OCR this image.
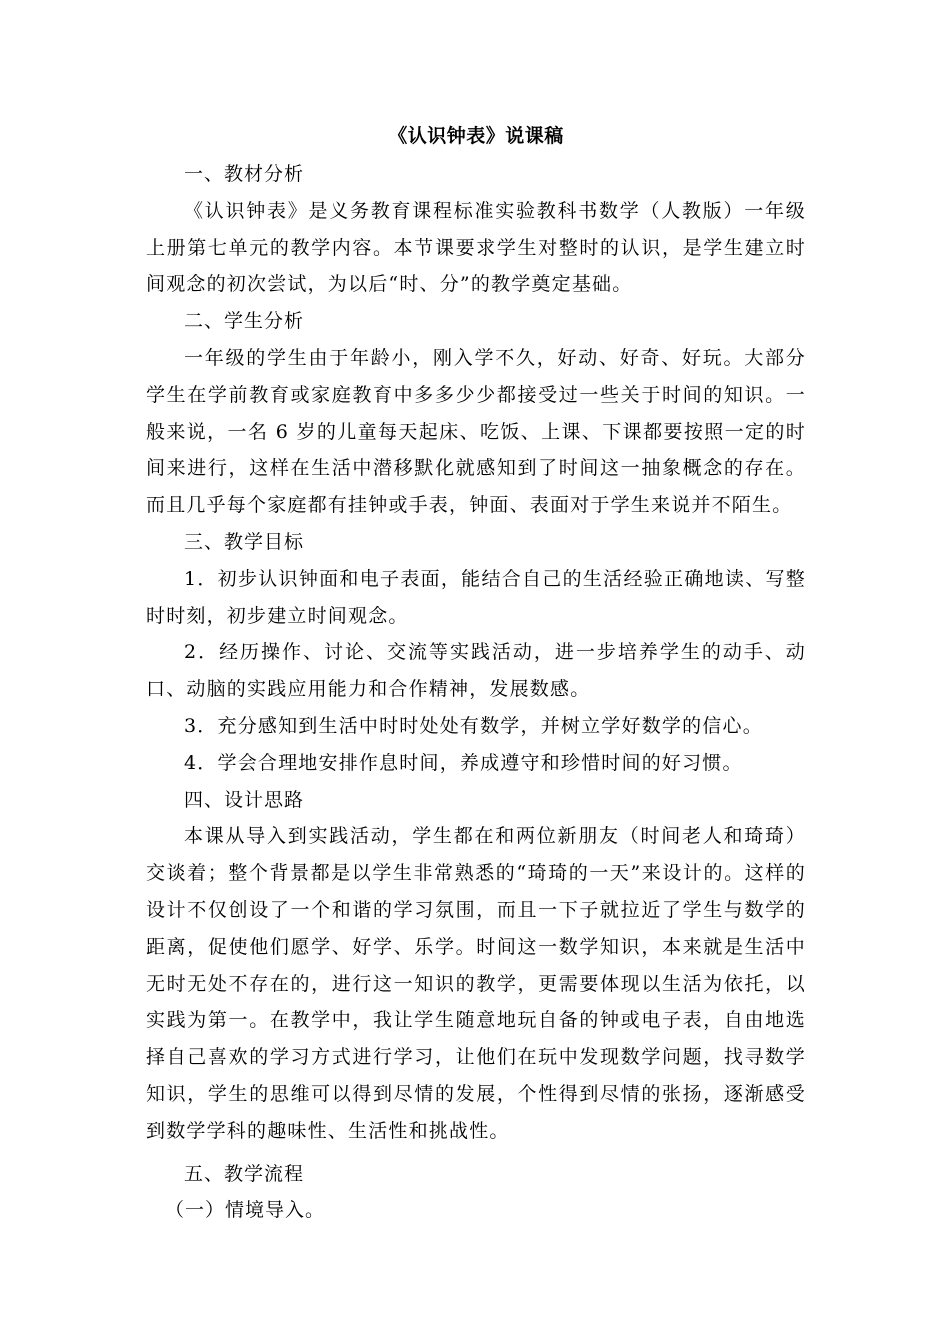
《认识钟表》说课稿

一、教材分析

《认识钟表》是义务教育课程标准实验教科书数学（人教版）一年级上册第七单元的教学内容。本节课要求学生对整时的认识，是学生建立时间观念的初次尝试，为以后“时、分”的教学奠定基础。

二、学生分析

一年级的学生由于年龄小，刚入学不久，好动、好奇、好玩。大部分学生在学前教育或家庭教育中多多少少都接受过一些关于时间的知识。一般来说，一名 6 岁的儿童每天起床、吃饭、上课、下课都要按照一定的时间来进行，这样在生活中潜移默化就感知到了时间这一抽象概念的存在。而且几乎每个家庭都有挂钟或手表，钟面、表面对于学生来说并不陌生。

三、教学目标

1．初步认识钟面和电子表面，能结合自己的生活经验正确地读、写整时时刻，初步建立时间观念。

2．经历操作、讨论、交流等实践活动，进一步培养学生的动手、动口、动脑的实践应用能力和合作精神，发展数感。

3．充分感知到生活中时时处处有数学，并树立学好数学的信心。

4．学会合理地安排作息时间，养成遵守和珍惜时间的好习惯。

四、设计思路

本课从导入到实践活动，学生都在和两位新朋友（时间老人和琦琦）交谈着；整个背景都是以学生非常熟悉的“琦琦的一天”来设计的。这样的设计不仅创设了一个和谐的学习氛围，而且一下子就拉近了学生与数学的距离，促使他们愿学、好学、乐学。时间这一数学知识，本来就是生活中无时无处不存在的，进行这一知识的教学，更需要体现以生活为依托，以实践为第一。在教学中，我让学生随意地玩自备的钟或电子表，自由地选择自己喜欢的学习方式进行学习，让他们在玩中发现数学问题，找寻数学知识，学生的思维可以得到尽情的发展，个性得到尽情的张扬，逐渐感受到数学学科的趣味性、生活性和挑战性。

五、教学流程

（一）情境导入。
